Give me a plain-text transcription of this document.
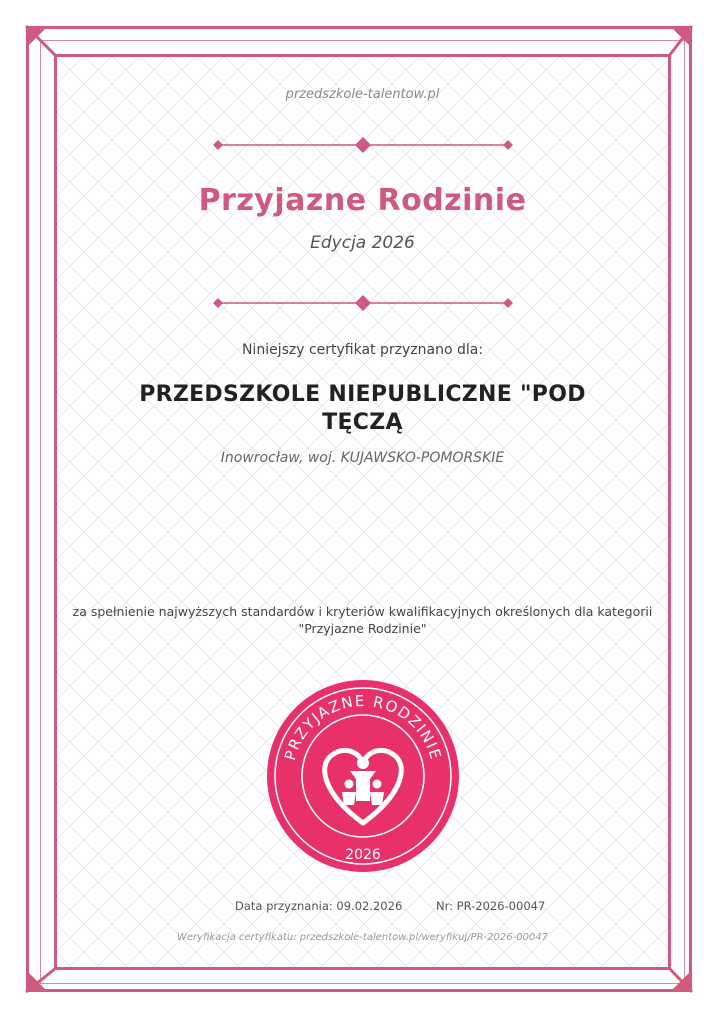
przedszkole-talentow.pl
Przyjazne Rodzinie
Edycja 2026
Niniejszy certyfikat przyznano dla:
PRZEDSZKOLE NIEPUBLICZNE "POD
TĘCZĄ
Inowrocław, woj. KUJAWSKO-POMORSKIE
za spełnienie najwyższych standardów i kryteriów kwalifikacyjnych określonych dla kategorii
"Przyjazne Rodzinie"
PRZYJAZNE RODZINIE
2026
Data przyznania: 09.02.2026	Nr: PR-2026-00047
Weryfikacja certyfikatu: przedszkole-talentow.pl/weryfikuj/PR-2026-00047
